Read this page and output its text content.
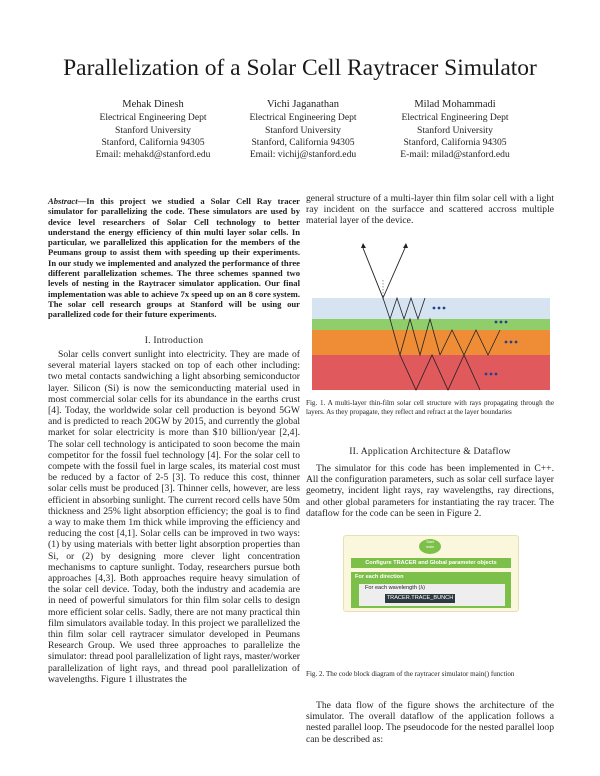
Parallelization of a Solar Cell Raytracer Simulator
Mehak Dinesh
Electrical Engineering Dept
Stanford University
Stanford, California 94305
Email: mehakd@stanford.edu
Vichi Jaganathan
Electrical Engineering Dept
Stanford University
Stanford, California 94305
Email: vichij@stanford.edu
Milad Mohammadi
Electrical Engineering Dept
Stanford University
Stanford, California 94305
E-mail: milad@stanford.edu

Abstract—In this project we studied a Solar Cell Ray tracer simulator for parallelizing the code. These simulators are used by device level researchers of Solar Cell technology to better understand the energy efficiency of thin multi layer solar cells. In particular, we parallelized this application for the members of the Peumans group to assist them with speeding up their experiments. In our study we implemented and analyzed the performance of three different parallelization schemes. The three schemes spanned two levels of nesting in the Raytracer simulator application. Our final implementation was able to achieve 7x speed up on an 8 core system. The solar cell research groups at Stanford will be using our parallelized code for their future experiments.

I. Introduction

Solar cells convert sunlight into electricity. They are made of several material layers stacked on top of each other including: two metal contacts sandwiching a light absorbing semiconductor layer. Silicon (Si) is now the semiconducting material used in most commercial solar cells for its abundance in the earths crust [4]. Today, the worldwide solar cell production is beyond 5GW and is predicted to reach 20GW by 2015, and currently the global market for solar electricity is more than $10 billion/year [2,4]. The solar cell technology is anticipated to soon become the main competitor for the fossil fuel technology [4]. For the solar cell to compete with the fossil fuel in large scales, its material cost must be reduced by a factor of 2-5 [3]. To reduce this cost, thinner solar cells must be produced [3]. Thinner cells, however, are less efficient in absorbing sunlight. The current record cells have 50m thickness and 25% light absorption efficiency; the goal is to find a way to make them 1m thick while improving the efficiency and reducing the cost [4,1]. Solar cells can be improved in two ways: (1) by using materials with better light absorption properties than Si, or (2) by designing more clever light concentration mechanisms to capture sunlight. Today, researchers pursue both approaches [4,3]. Both approaches require heavy simulation of the solar cell device. Today, both the industry and academia are in need of powerful simulators for thin film solar cells to design more efficient solar cells. Sadly, there are not many practical thin film simulators available today. In this project we parallelized the thin film solar cell raytracer simulator developed in Peumans Research Group. We used three approaches to parallelize the simulator: thread pool parallelization of light rays, master/worker parallelization of light rays, and thread pool parallelization of wavelengths. Figure 1 illustrates the

general structure of a multi-layer thin film solar cell with a light ray incident on the surfacce and scattered accross multiple material layer of the device.

Fig. 1. A multi-layer thin-film solar cell structure with rays propagating through the layers. As they propagate, they reflect and refract at the layer boundaries
II. Application Architecture & Dataflow

The simulator for this code has been implemented in C++. All the configuration parameters, such as solar cell surface layer geometry, incident light rays, ray wavelengths, ray directions, and other global parameters for instantiating the ray tracer. The dataflow for the code can be seen in Figure 2.

Start
main
Configure TRACER and Global parameter objects
For each direction
For each wavelength (λ)
TRACER.TRACE_BUNCH
Fig. 2. The code block diagram of the raytracer simulator main() function

The data flow of the figure shows the architecture of the simulator. The overall dataflow of the application follows a nested parallel loop. The pseudocode for the nested parallel loop can be described as:
